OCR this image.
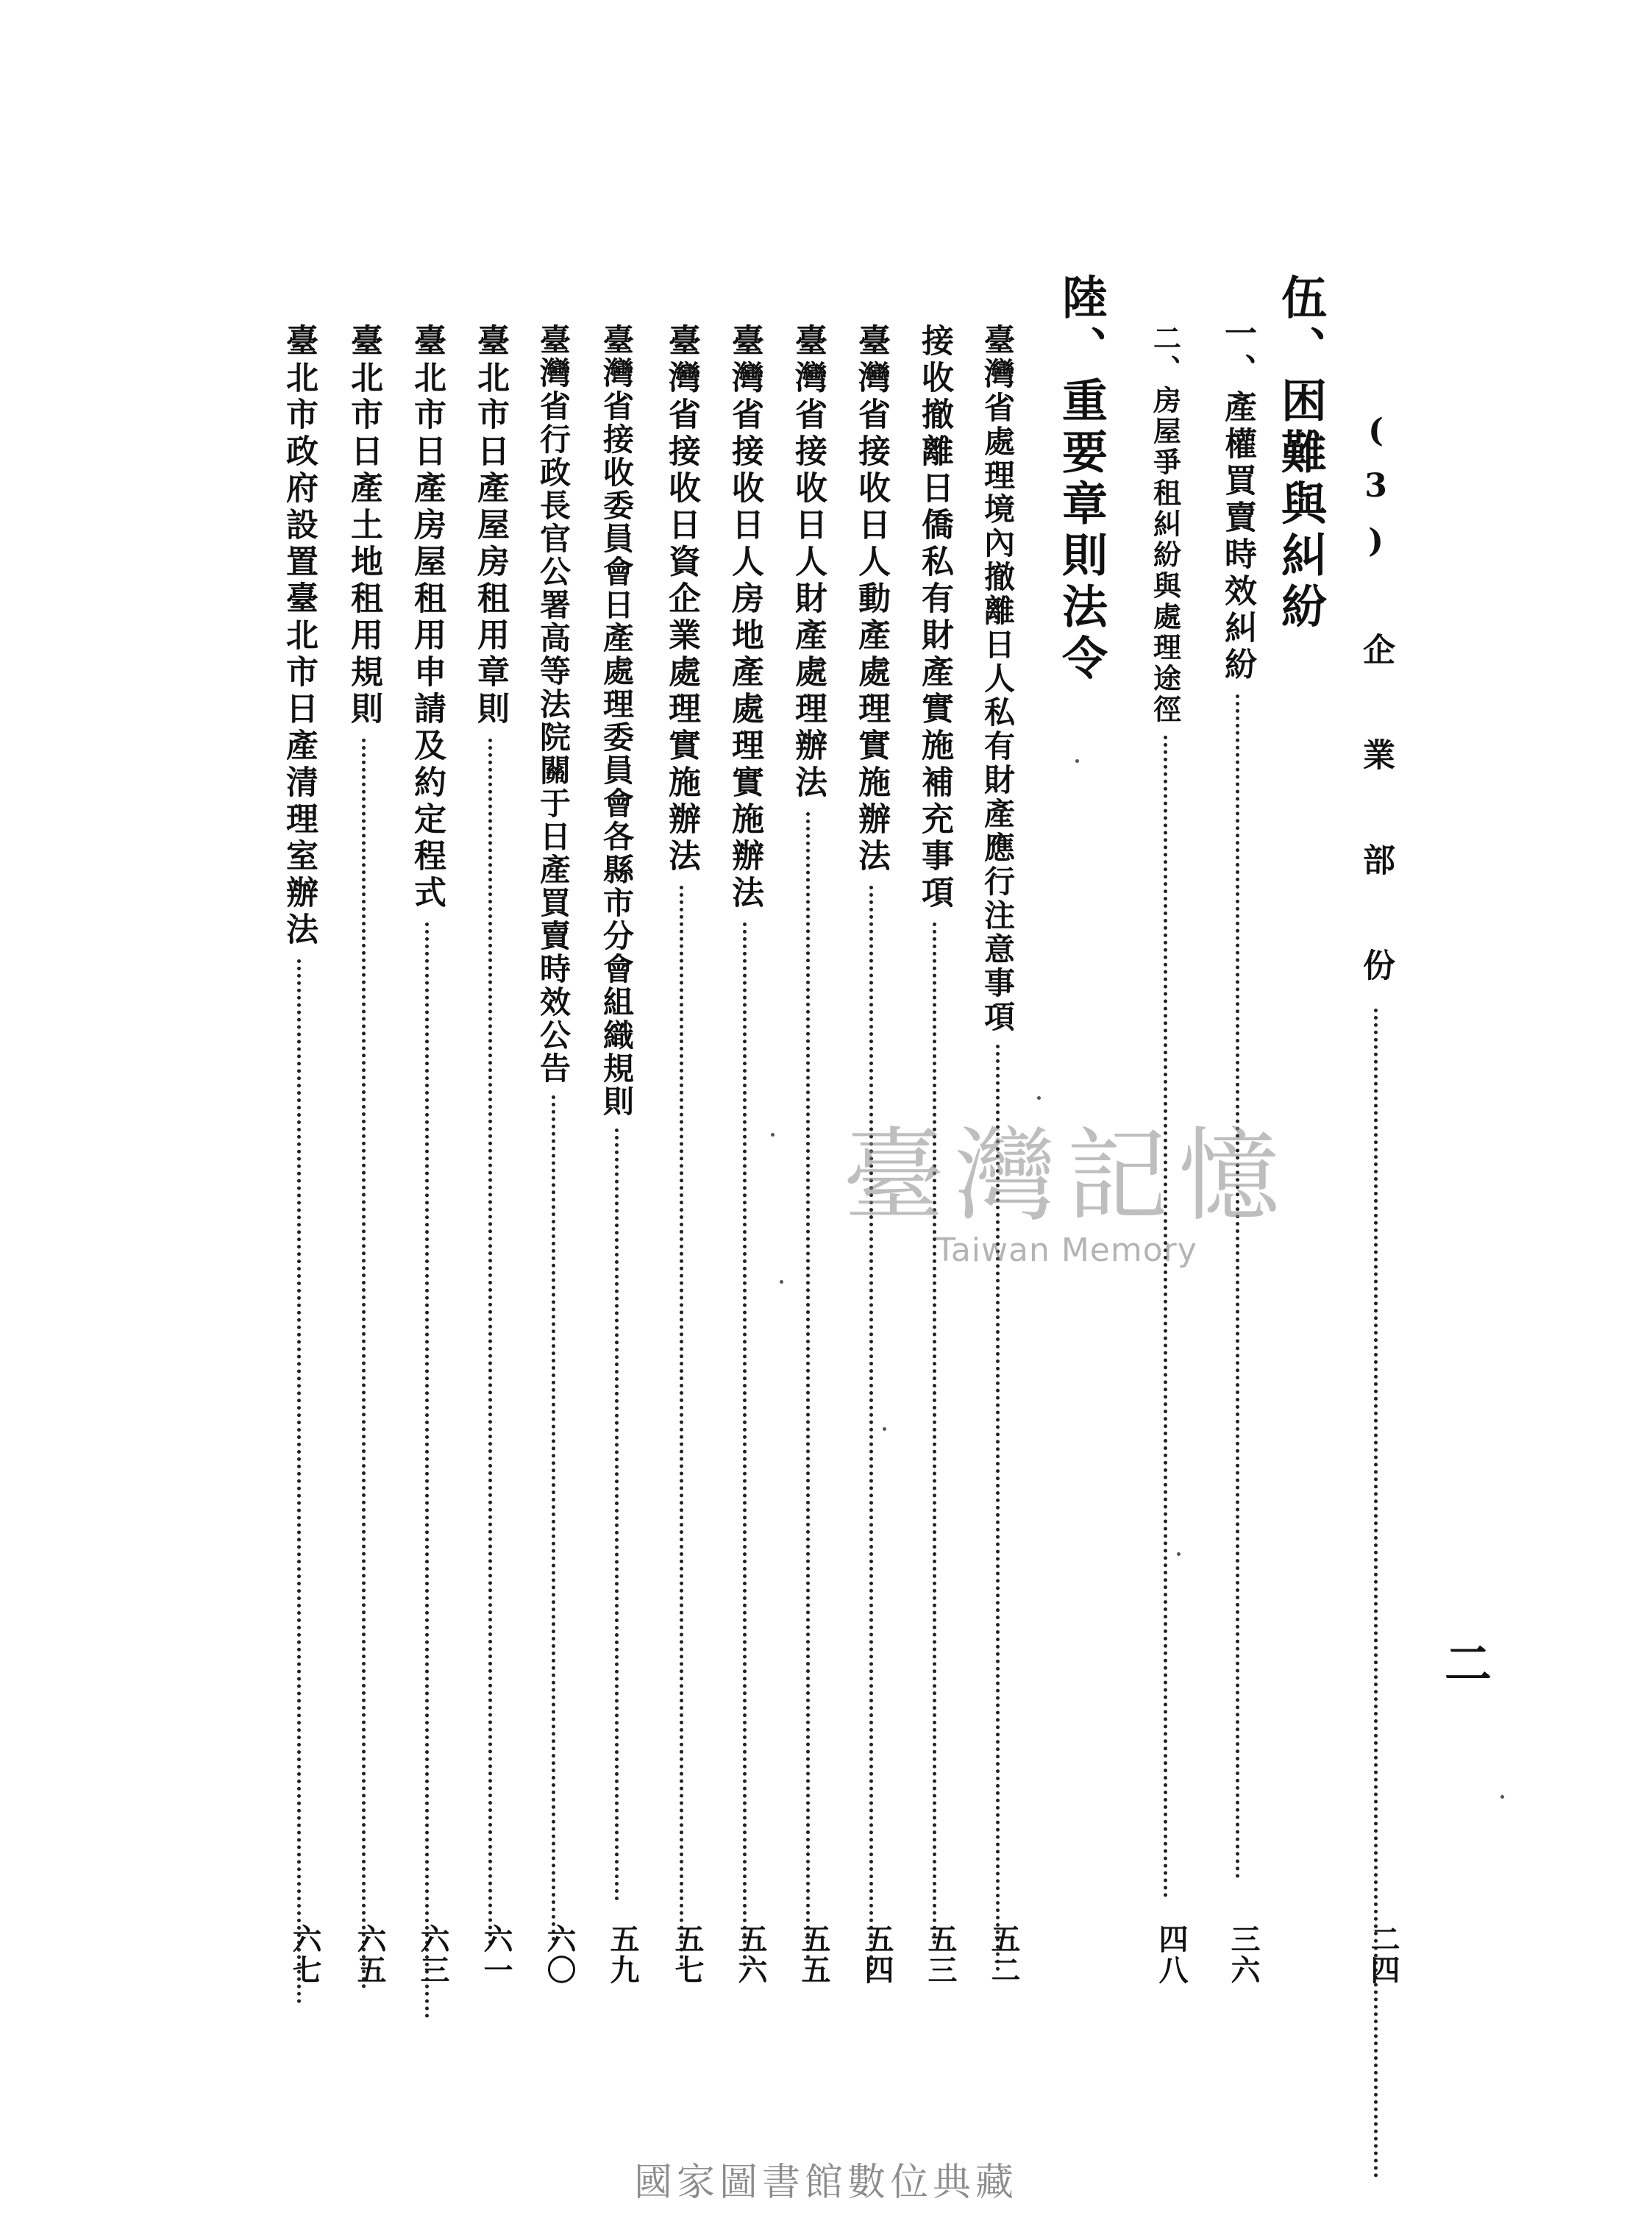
(3) 企 業 部 份
二四
伍、困難與糾紛
一、產權買賣時效糾紛
三六
二、房屋爭租糾紛與處理途徑
四八
陸、重要章則法令
臺灣省處理境內撤離日人私有財產應行注意事項
五二
接收撤離日僑私有財產實施補充事項
五三
臺灣省接收日人動產處理實施辦法
五四
臺灣省接收日人財產處理辦法
五五
臺灣省接收日人房地產處理實施辦法
五六
臺灣省接收日資企業處理實施辦法
五七
臺灣省接收委員會日產處理委員會各縣市分會組織規則
五九
臺灣省行政長官公署高等法院關于日產買賣時效公告
六〇
臺北市日產屋房租用章則
六一
臺北市日產房屋租用申請及約定程式
六三
臺北市日產土地租用規則
六五
臺北市政府設置臺北市日產清理室辦法
六七
二
臺灣記憶
Taiwan Memory
國家圖書館數位典藏
